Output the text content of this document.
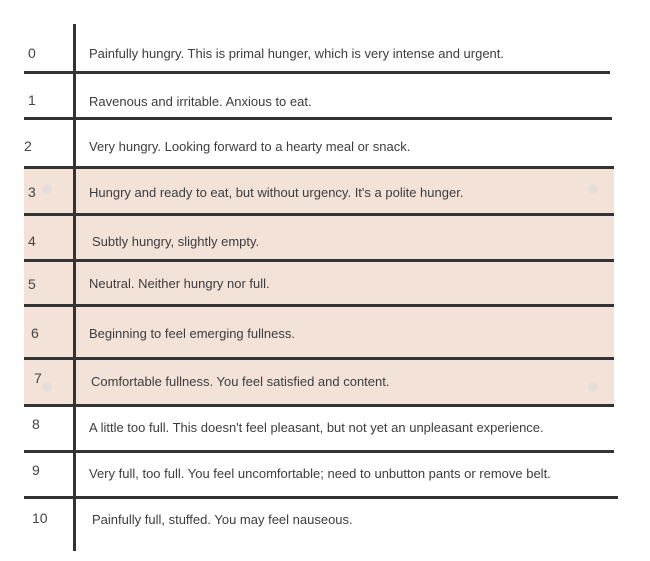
0
1
2
3
4
5
6
7
8
9
10
Painfully hungry. This is primal hunger, which is very intense and urgent.
Ravenous and irritable. Anxious to eat.
Very hungry. Looking forward to a hearty meal or snack.
Hungry and ready to eat, but without urgency. It's a polite hunger.
Subtly hungry, slightly empty.
Neutral. Neither hungry nor full.
Beginning to feel emerging fullness.
Comfortable fullness. You feel satisfied and content.
A little too full. This doesn't feel pleasant, but not yet an unpleasant experience.
Very full, too full. You feel uncomfortable; need to unbutton pants or remove belt.
Painfully full, stuffed. You may feel nauseous.
